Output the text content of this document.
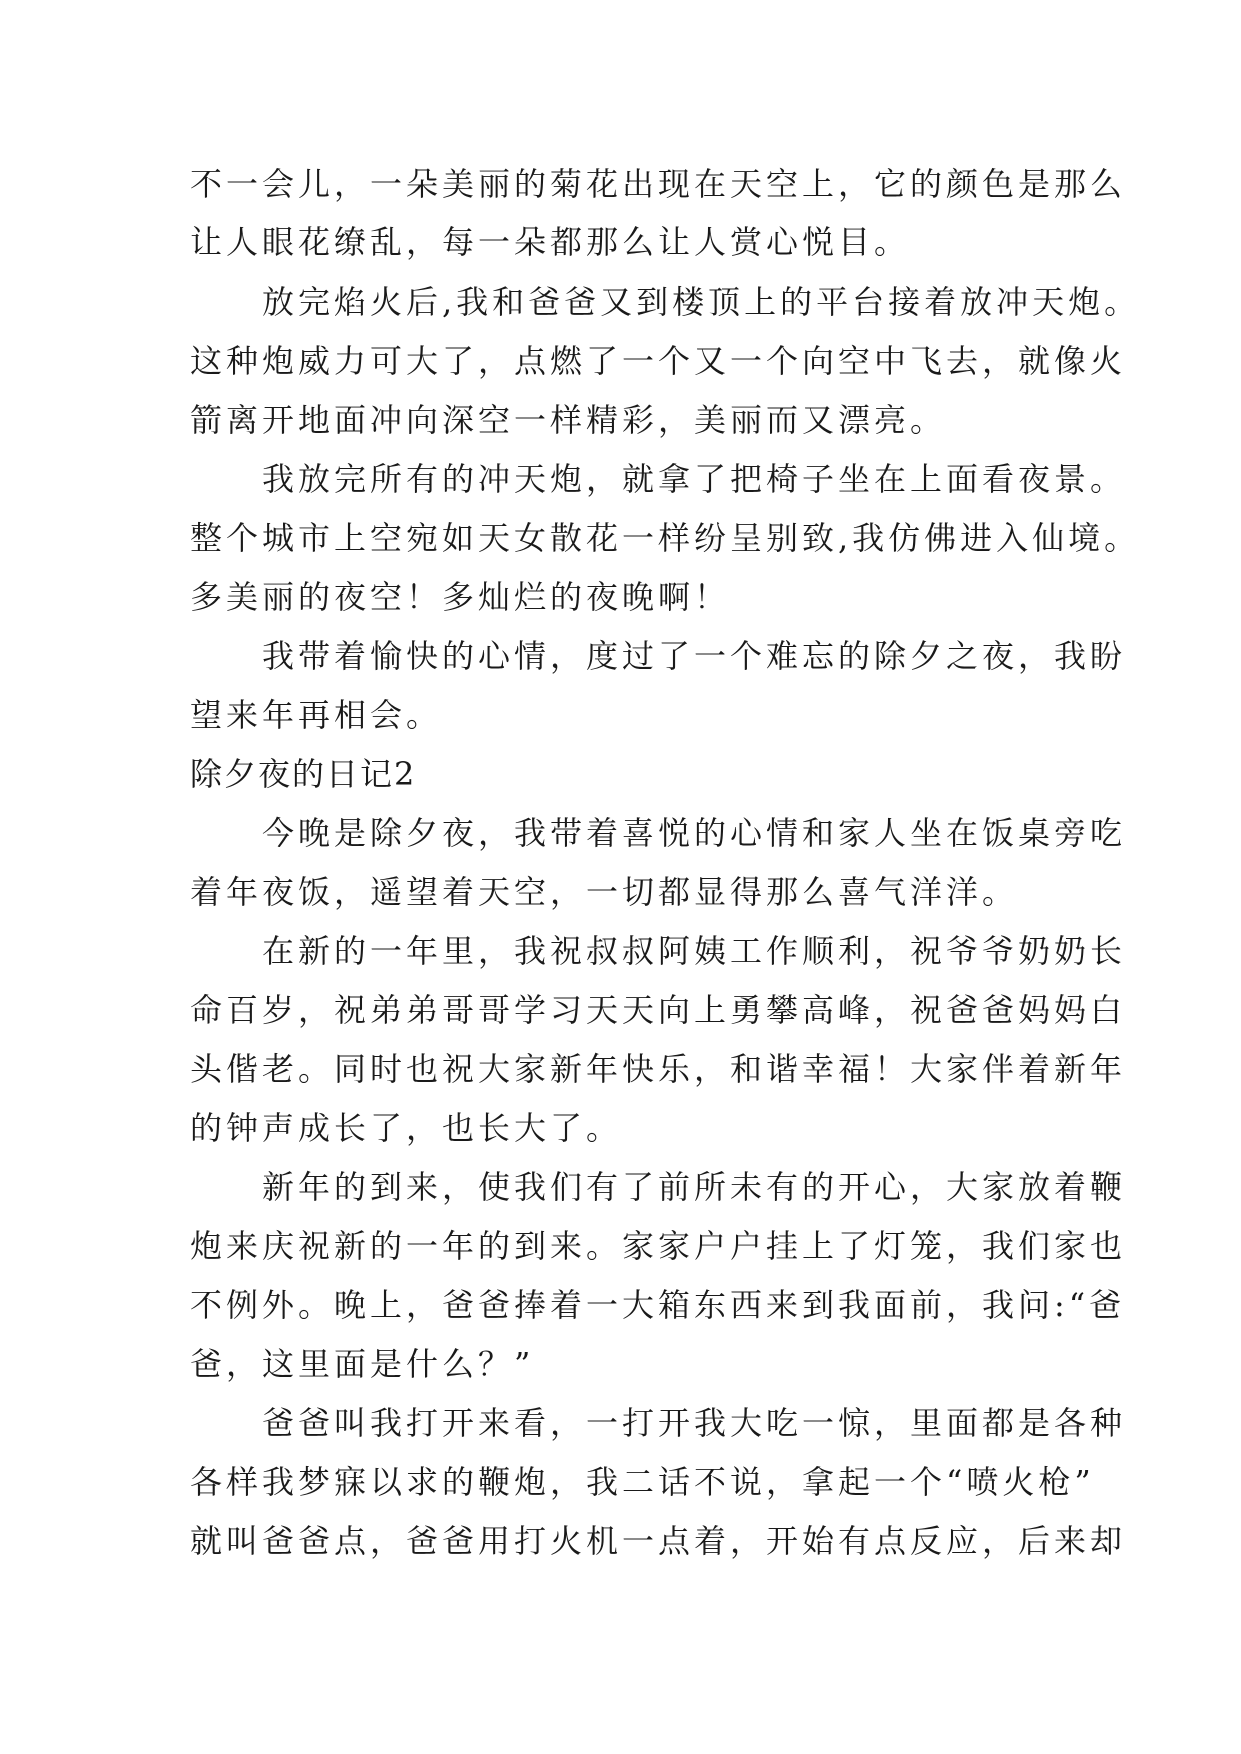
不一会儿，一朵美丽的菊花出现在天空上，它的颜色是那么
让人眼花缭乱，每一朵都那么让人赏心悦目。
　　放完焰火后,我和爸爸又到楼顶上的平台接着放冲天炮。
这种炮威力可大了，点燃了一个又一个向空中飞去，就像火
箭离开地面冲向深空一样精彩，美丽而又漂亮。
　　我放完所有的冲天炮，就拿了把椅子坐在上面看夜景。
整个城市上空宛如天女散花一样纷呈别致,我仿佛进入仙境。
多美丽的夜空！多灿烂的夜晚啊！
　　我带着愉快的心情，度过了一个难忘的除夕之夜，我盼
望来年再相会。
除夕夜的日记2
　　今晚是除夕夜，我带着喜悦的心情和家人坐在饭桌旁吃
着年夜饭，遥望着天空，一切都显得那么喜气洋洋。
　　在新的一年里，我祝叔叔阿姨工作顺利，祝爷爷奶奶长
命百岁，祝弟弟哥哥学习天天向上勇攀高峰，祝爸爸妈妈白
头偕老。同时也祝大家新年快乐，和谐幸福！大家伴着新年
的钟声成长了，也长大了。
　　新年的到来，使我们有了前所未有的开心，大家放着鞭
炮来庆祝新的一年的到来。家家户户挂上了灯笼，我们家也
不例外。晚上，爸爸捧着一大箱东西来到我面前，我问:“爸
爸，这里面是什么？”
　　爸爸叫我打开来看，一打开我大吃一惊，里面都是各种
各样我梦寐以求的鞭炮，我二话不说，拿起一个“喷火枪”
就叫爸爸点，爸爸用打火机一点着，开始有点反应，后来却
